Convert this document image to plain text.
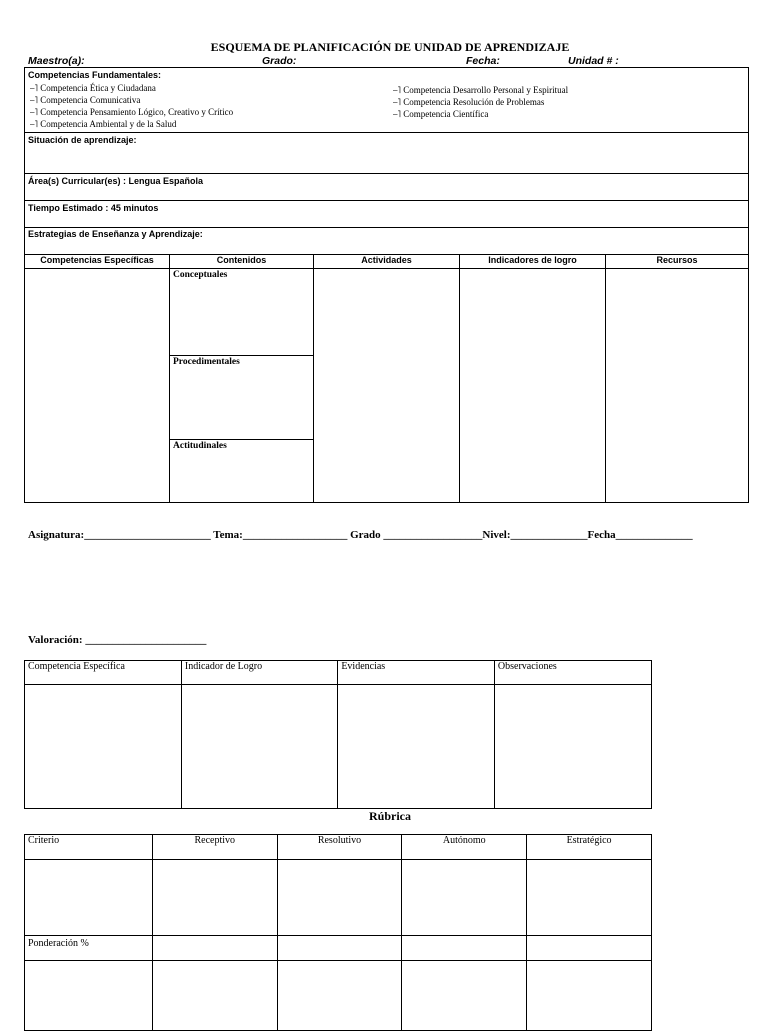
ESQUEMA DE PLANIFICACIÓN DE UNIDAD DE APRENDIZAJE
Maestro(a):	Grado:	Fecha:	Unidad # :
Competencias Fundamentales:
⎯˥ Competencia Ética y Ciudadana
⎯˥ Competencia Comunicativa
⎯˥ Competencia Pensamiento Lógico, Creativo y Crítico
⎯˥ Competencia Ambiental y de la Salud
⎯˥ Competencia Desarrollo Personal y Espiritual
⎯˥ Competencia Resolución de Problemas
⎯˥ Competencia Científica
Situación de aprendizaje:
Área(s) Curricular(es) : Lengua Española
Tiempo Estimado : 45 minutos
Estrategias de Enseñanza y Aprendizaje:
Competencias Específicas	Contenidos	Actividades	Indicadores de logro	Recursos
Conceptuales
Procedimentales
Actitudinales
Asignatura:_______________________ Tema:___________________ Grado __________________Nivel:______________Fecha______________
Valoración: ______________________
Competencia Específica	Indicador de Logro	Evidencias	Observaciones

Rúbrica
Criterio	Receptivo	Resolutivo	Autónomo	Estratégico

Ponderación %				
